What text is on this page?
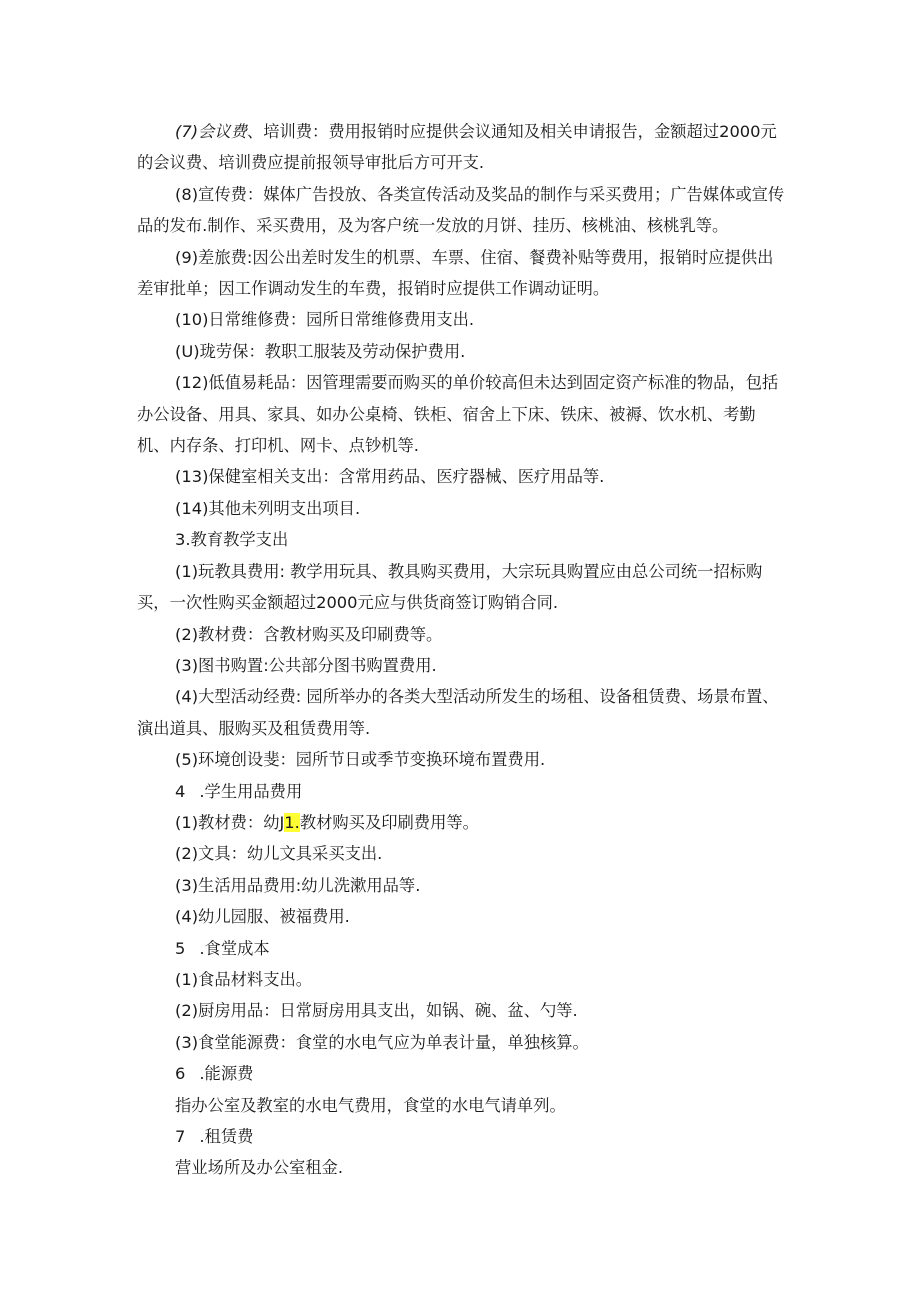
(7)会议费、培训费：费用报销时应提供会议通知及相关申请报告，金额超过2000元的会议费、培训费应提前报领导审批后方可开支.

(8)宣传费：媒体广告投放、各类宣传活动及奖品的制作与采买费用；广告媒体或宣传品的发布.制作、采买费用，及为客户统一发放的月饼、挂历、核桃油、核桃乳等。

(9)差旅费:因公出差时发生的机票、车票、住宿、餐费补贴等费用，报销时应提供出差审批单；因工作调动发生的车费，报销时应提供工作调动证明。

(10)日常维修费：园所日常维修费用支出.

(U)珑劳保：教职工服装及劳动保护费用.

(12)低值易耗品：因管理需要而购买的单价较高但未达到固定资产标准的物品，包括办公设备、用具、家具、如办公桌椅、铁柜、宿舍上下床、铁床、被褥、饮水机、考勤机、内存条、打印机、网卡、点钞机等.

(13)保健室相关支出：含常用药品、医疗器械、医疗用品等.

(14)其他未列明支出项目.

3.教育教学支出

(1)玩教具费用: 教学用玩具、教具购买费用，大宗玩具购置应由总公司统一招标购买，一次性购买金额超过2000元应与供货商签订购销合同.

(2)教材费：含教材购买及印刷费等。

(3)图书购置:公共部分图书购置费用.

(4)大型活动经费: 园所举办的各类大型活动所发生的场租、设备租赁费、场景布置、演出道具、服购买及租赁费用等.

(5)环境创设斐：园所节日或季节变换环境布置费用.

4 .学生用品费用

(1)教材费：幼J1.教材购买及印刷费用等。

(2)文具：幼儿文具采买支出.

(3)生活用品费用:幼儿洗漱用品等.

(4)幼儿园服、被福费用.

5 .食堂成本

(1)食品材料支出。

(2)厨房用品：日常厨房用具支出，如锅、碗、盆、勺等.

(3)食堂能源费：食堂的水电气应为单表计量，单独核算。

6 .能源费

指办公室及教室的水电气费用，食堂的水电气请单列。

7 .租赁费

营业场所及办公室租金.
